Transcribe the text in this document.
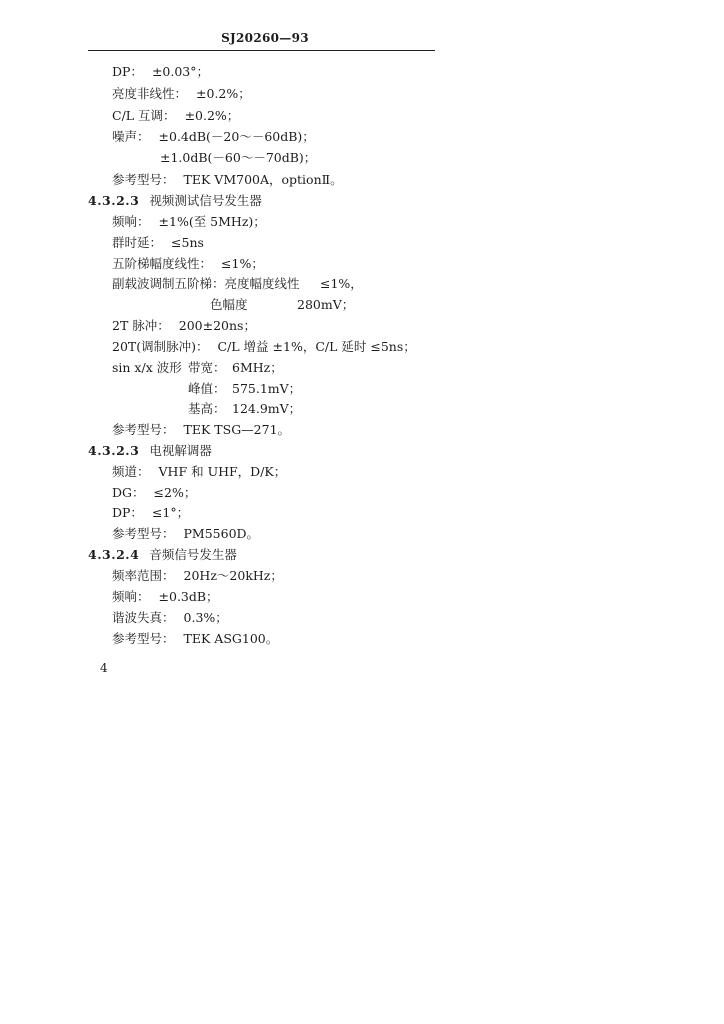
SJ20260—93
DP： ±0.03°；
亮度非线性： ±0.2%；
C/L 互调： ±0.2%；
噪声： ±0.4dB(－20～－60dB)；
±1.0dB(－60～－70dB)；
参考型号： TEK VM700A，optionⅡ。
4.3.2.3 视频测试信号发生器
频响： ±1%(至 5MHz)；
群时延： ≤5ns
五阶梯幅度线性： ≤1%；
副载波调制五阶梯：亮度幅度线性 ≤1%，
色幅度	280mV；
2T 脉冲： 200±20ns；
20T(调制脉冲)： C/L 增益 ±1%，C/L 延时 ≤5ns；
sin x/x 波形 带宽： 6MHz；
峰值： 575.1mV；
基高： 124.9mV；
参考型号： TEK TSG—271。
4.3.2.3 电视解调器
频道： VHF 和 UHF，D/K；
DG： ≤2%；
DP： ≤1°；
参考型号： PM5560D。
4.3.2.4 音频信号发生器
频率范围： 20Hz～20kHz；
频响： ±0.3dB；
谐波失真： 0.3%；
参考型号： TEK ASG100。
4
